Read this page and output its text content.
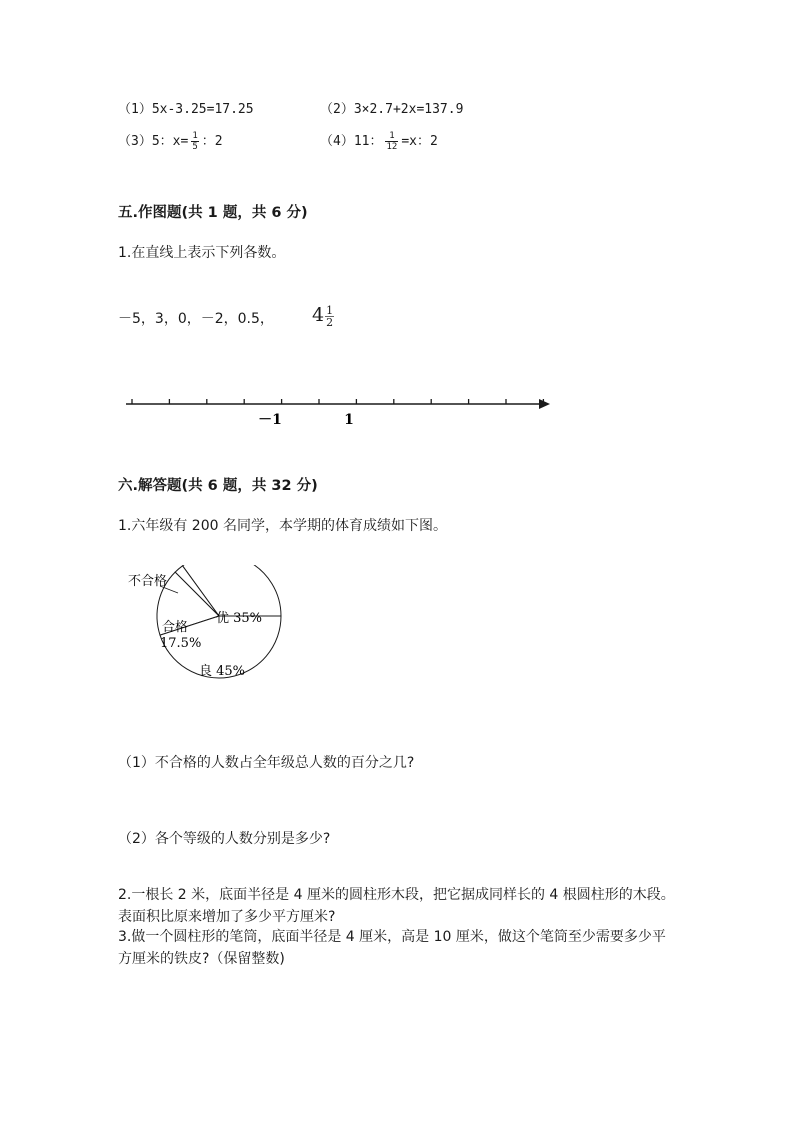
（1）5x-3.25=17.25	（2）3×2.7+2x=137.9
（3）5：$x= \frac{1}{5}$ ：2	（4）11： $\frac{1}{12} =x$：2
五.作图题(共 1 题，共 6 分)
1.在直线上表示下列各数。
－5，3，0，－2，0.5， $4 \frac{1}{2}$
－1	1
六.解答题(共 6 题，共 32 分)
1.六年级有 200 名同学，本学期的体育成绩如下图。
不合格
优 35%
合格
17.5%
良 45%
（1）不合格的人数占全年级总人数的百分之几?
（2）各个等级的人数分别是多少?
2.一根长 2 米，底面半径是 4 厘米的圆柱形木段，把它据成同样长的 4 根圆柱形的木段。表面积比原来增加了多少平方厘米?
3.做一个圆柱形的笔筒，底面半径是 4 厘米，高是 10 厘米，做这个笔筒至少需要多少平方厘米的铁皮?（保留整数)
